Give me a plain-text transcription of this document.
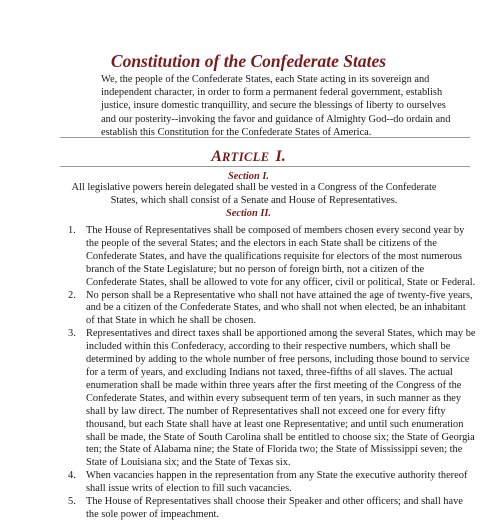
Constitution of the Confederate States

We, the people of the Confederate States, each State acting in its sovereign and independent character, in order to form a permanent federal government, establish justice, insure domestic tranquillity, and secure the blessings of liberty to ourselves and our posterity--invoking the favor and guidance of Almighty God--do ordain and establish this Constitution for the Confederate States of America.

ARTICLE I.
Section I.

All legislative powers herein delegated shall be vested in a Congress of the Confederate States, which shall consist of a Senate and House of Representatives.

Section II.
1. The House of Representatives shall be composed of members chosen every second year by the people of the several States; and the electors in each State shall be citizens of the Confederate States, and have the qualifications requisite for electors of the most numerous branch of the State Legislature; but no person of foreign birth, not a citizen of the Confederate States, shall be allowed to vote for any officer, civil or political, State or Federal.
2. No person shall be a Representative who shall not have attained the age of twenty-five years, and be a citizen of the Confederate States, and who shall not when elected, be an inhabitant of that State in which he shall be chosen.
3. Representatives and direct taxes shall be apportioned among the several States, which may be included within this Confederacy, according to their respective numbers, which shall be determined by adding to the whole number of free persons, including those bound to service for a term of years, and excluding Indians not taxed, three-fifths of all slaves. The actual enumeration shall be made within three years after the first meeting of the Congress of the Confederate States, and within every subsequent term of ten years, in such manner as they shall by law direct. The number of Representatives shall not exceed one for every fifty thousand, but each State shall have at least one Representative; and until such enumeration shall be made, the State of South Carolina shall be entitled to choose six; the State of Georgia ten; the State of Alabama nine; the State of Florida two; the State of Mississippi seven; the State of Louisiana six; and the State of Texas six.
4. When vacancies happen in the representation from any State the executive authority thereof shall issue writs of election to fill such vacancies.
5. The House of Representatives shall choose their Speaker and other officers; and shall have the sole power of impeachment.
